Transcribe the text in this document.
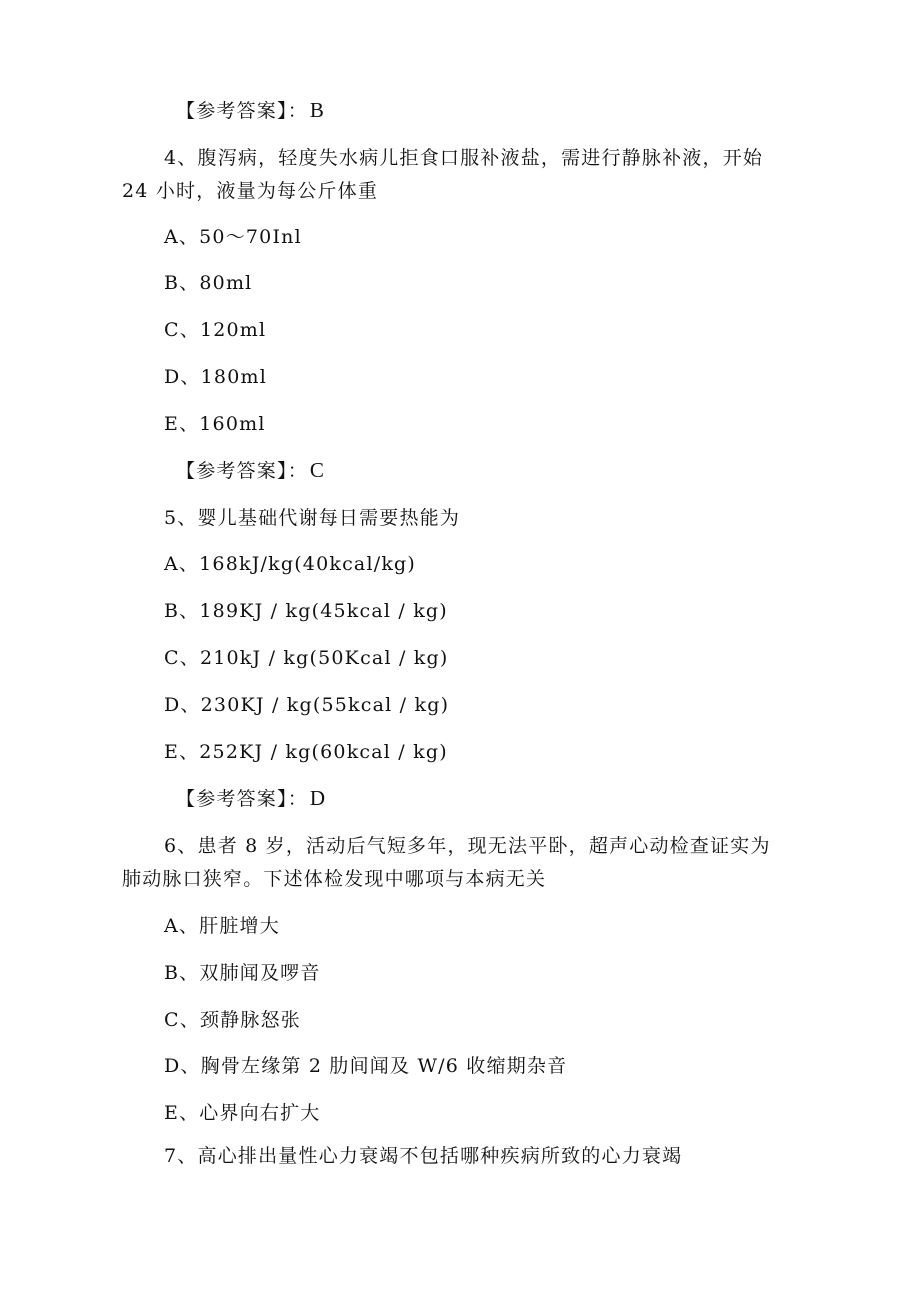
【参考答案】：B
4、腹泻病，轻度失水病儿拒食口服补液盐，需进行静脉补液，开始
24 小时，液量为每公斤体重
A、50～70Inl
B、80ml
C、120ml
D、180ml
E、160ml
【参考答案】：C
5、婴儿基础代谢每日需要热能为
A、168kJ/kg(40kcal/kg)
B、189KJ / kg(45kcal / kg)
C、210kJ / kg(50Kcal / kg)
D、230KJ / kg(55kcal / kg)
E、252KJ / kg(60kcal / kg)
【参考答案】：D
6、患者 8 岁，活动后气短多年，现无法平卧，超声心动检查证实为
肺动脉口狭窄。下述体检发现中哪项与本病无关
A、肝脏增大
B、双肺闻及啰音
C、颈静脉怒张
D、胸骨左缘第 2 肋间闻及 W/6 收缩期杂音
E、心界向右扩大
7、高心排出量性心力衰竭不包括哪种疾病所致的心力衰竭
